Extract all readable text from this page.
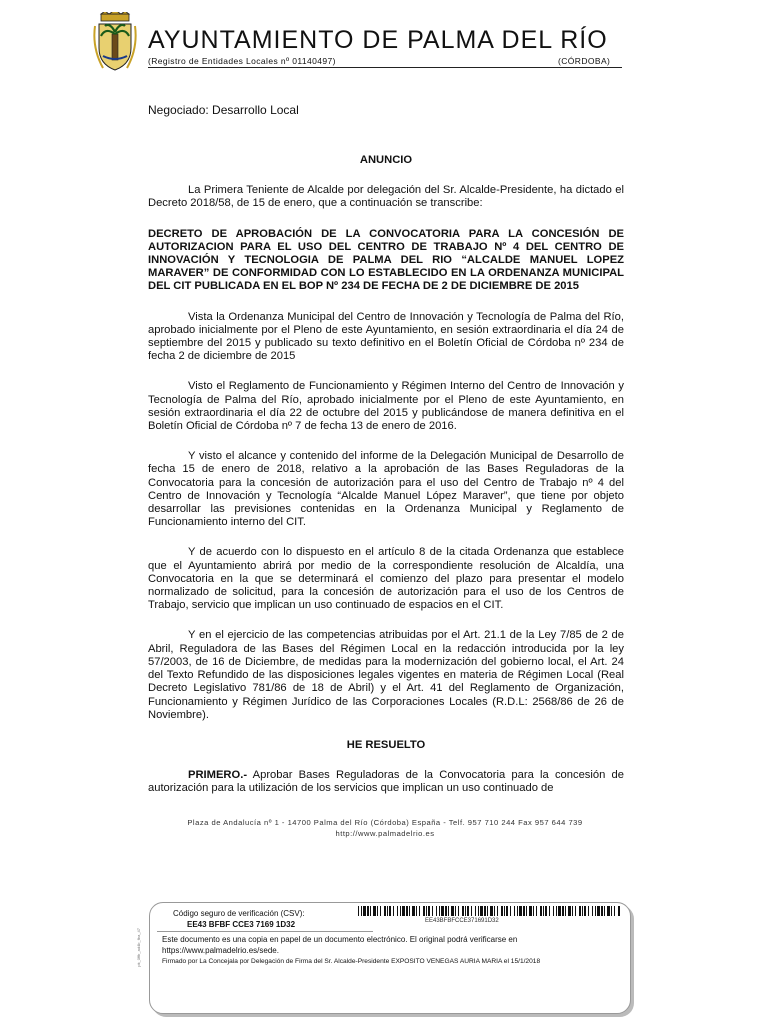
AYUNTAMIENTO DE PALMA DEL RÍO
(Registro de Entidades Locales nº 01140497)	(CÓRDOBA)
Negociado: Desarrollo Local

ANUNCIO

La Primera Teniente de Alcalde por delegación del Sr. Alcalde-Presidente, ha dictado el Decreto 2018/58, de 15 de enero, que a continuación se transcribe:

DECRETO DE APROBACIÓN DE LA CONVOCATORIA PARA LA CONCESIÓN DE AUTORIZACION PARA EL USO DEL CENTRO DE TRABAJO Nº 4 DEL CENTRO DE INNOVACIÓN Y TECNOLOGIA DE PALMA DEL RIO “ALCALDE MANUEL LOPEZ MARAVER” DE CONFORMIDAD CON LO ESTABLECIDO EN LA ORDENANZA MUNICIPAL DEL CIT PUBLICADA EN EL BOP Nº 234 DE FECHA DE 2 DE DICIEMBRE DE 2015

Vista la Ordenanza Municipal del Centro de Innovación y Tecnología de Palma del Río, aprobado inicialmente por el Pleno de este Ayuntamiento, en sesión extraordinaria el día 24 de septiembre del 2015 y publicado su texto definitivo en el Boletín Oficial de Córdoba nº 234 de fecha 2 de diciembre de 2015

Visto el Reglamento de Funcionamiento y Régimen Interno del Centro de Innovación y Tecnología de Palma del Río, aprobado inicialmente por el Pleno de este Ayuntamiento, en sesión extraordinaria el día 22 de octubre del 2015 y publicándose de manera definitiva en el Boletín Oficial de Córdoba nº 7 de fecha 13 de enero de 2016.

Y visto el alcance y contenido del informe de la Delegación Municipal de Desarrollo de fecha 15 de enero de 2018, relativo a la aprobación de las Bases Reguladoras de la Convocatoria para la concesión de autorización para el uso del Centro de Trabajo nº 4 del Centro de Innovación y Tecnología “Alcalde Manuel López Maraver”, que tiene por objeto desarrollar las previsiones contenidas en la Ordenanza Municipal y Reglamento de Funcionamiento interno del CIT.

Y de acuerdo con lo dispuesto en el artículo 8 de la citada Ordenanza que establece que el Ayuntamiento abrirá por medio de la correspondiente resolución de Alcaldía, una Convocatoria en la que se determinará el comienzo del plazo para presentar el modelo normalizado de solicitud, para la concesión de autorización para el uso de los Centros de Trabajo, servicio que implican un uso continuado de espacios en el CIT.

Y en el ejercicio de las competencias atribuidas por el Art. 21.1 de la Ley 7/85 de 2 de Abril, Reguladora de las Bases del Régimen Local en la redacción introducida por la ley 57/2003, de 16 de Diciembre, de medidas para la modernización del gobierno local, el Art. 24 del Texto Refundido de las disposiciones legales vigentes en materia de Régimen Local (Real Decreto Legislativo 781/86 de 18 de Abril) y el Art. 41 del Reglamento de Organización, Funcionamiento y Régimen Jurídico de las Corporaciones Locales (R.D.L: 2568/86 de 26 de Noviembre).

HE RESUELTO

PRIMERO.- Aprobar Bases Reguladoras de la Convocatoria para la concesión de autorización para la utilización de los servicios que implican un uso continuado de

Plaza de Andalucía nº 1 - 14700 Palma del Río (Córdoba) España - Telf. 957 710 244 Fax 957 644 739
http://www.palmadelrio.es
Código seguro de verificación (CSV):
EE43 BFBF CCE3 7169 1D32	EE43BFBFCCE371691D32
Este documento es una copia en papel de un documento electrónico. El original podrá verificarse en
https://www.palmadelrio.es/sede.
Firmado por La Concejala por Delegación de Firma del Sr. Alcalde-Presidente EXPOSITO VENEGAS AURIA MARIA el 15/1/2018
pk_0ffb_ad4b_fba_47
